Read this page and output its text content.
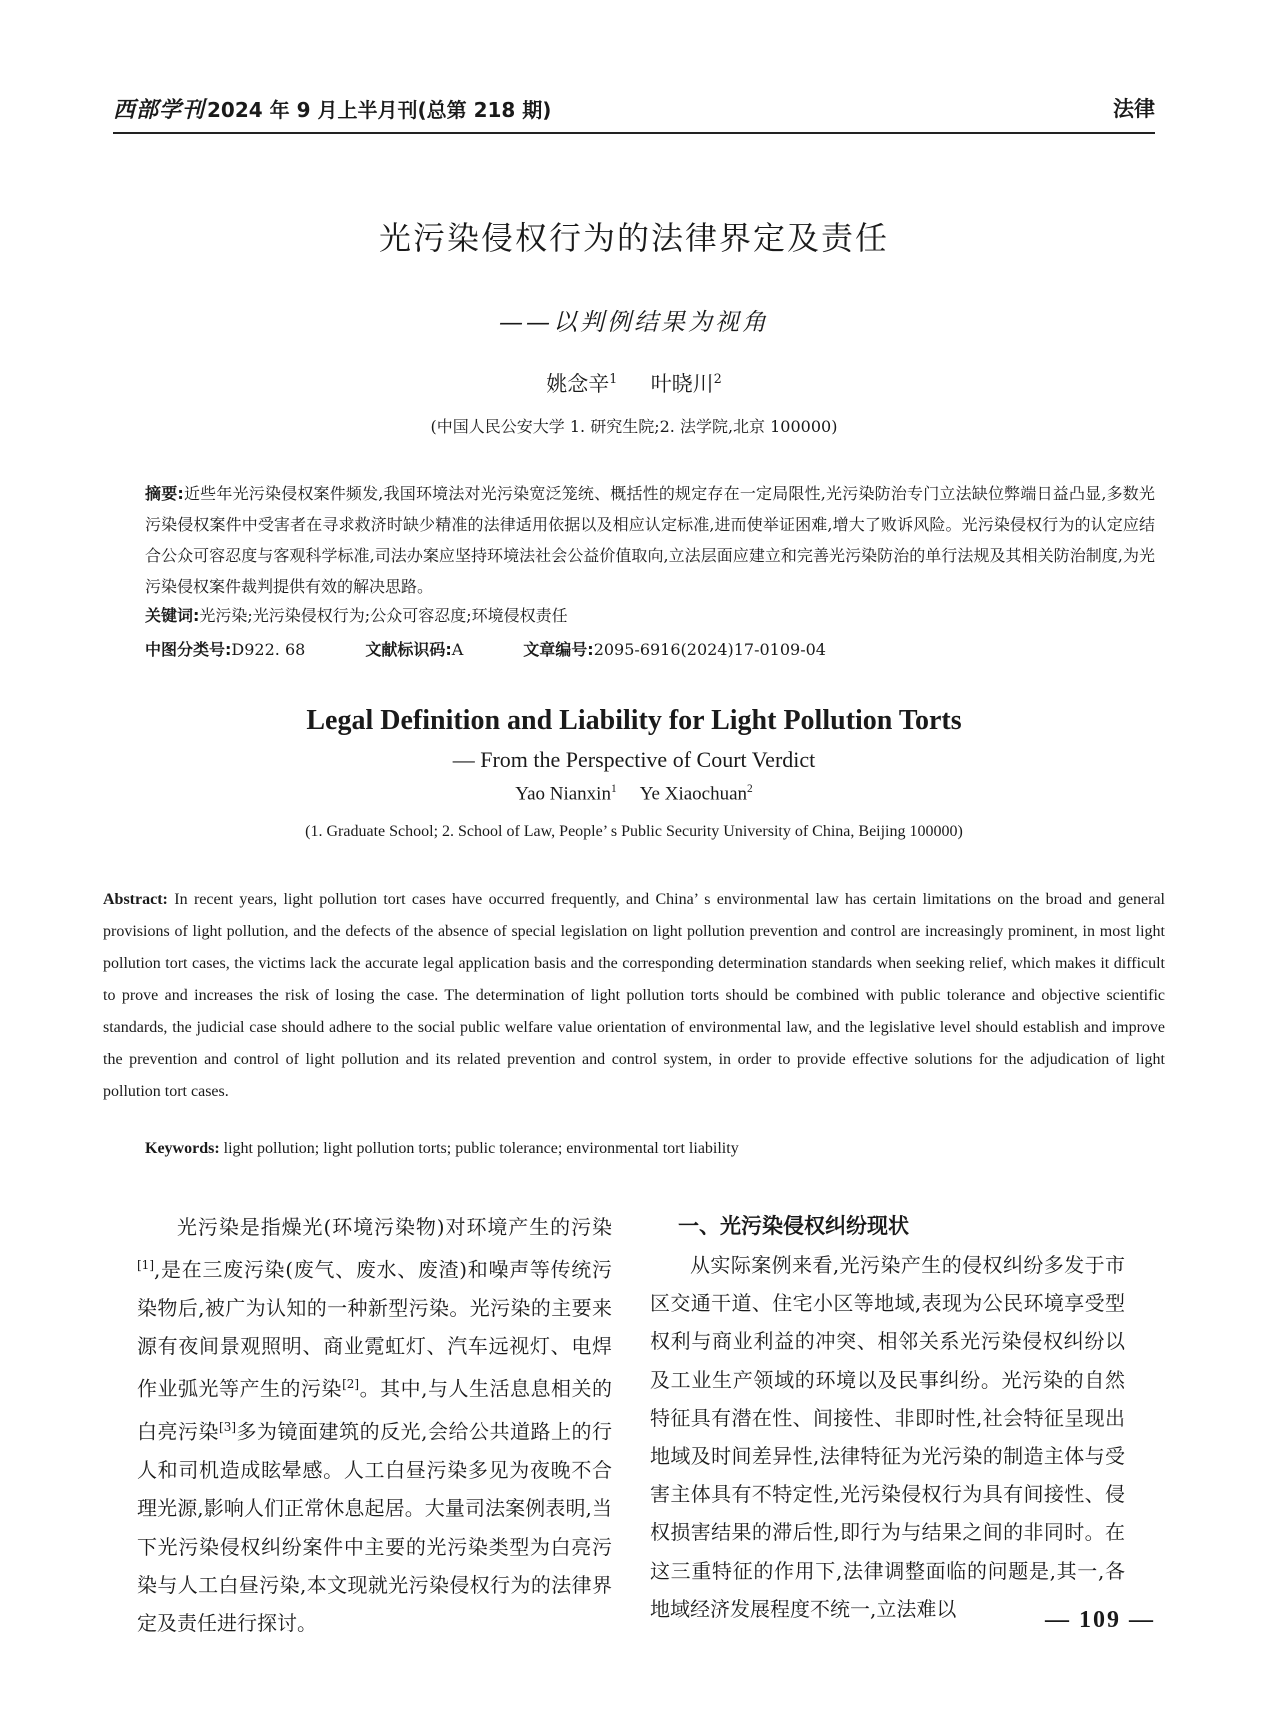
西部学刊 2024 年 9 月上半月刊(总第 218 期)	法律
光污染侵权行为的法律界定及责任
——以判例结果为视角
姚念辛$^1$ 叶晓川$^2$
(中国人民公安大学 1. 研究生院;2. 法学院,北京 100000)
摘要:近些年光污染侵权案件频发,我国环境法对光污染宽泛笼统、概括性的规定存在一定局限性,光污染防治专门立法缺位弊端日益凸显,多数光污染侵权案件中受害者在寻求救济时缺少精准的法律适用依据以及相应认定标准,进而使举证困难,增大了败诉风险。光污染侵权行为的认定应结合公众可容忍度与客观科学标准,司法办案应坚持环境法社会公益价值取向,立法层面应建立和完善光污染防治的单行法规及其相关防治制度,为光污染侵权案件裁判提供有效的解决思路。
关键词:光污染;光污染侵权行为;公众可容忍度;环境侵权责任
中图分类号:D922. 68	文献标识码:A	文章编号:2095-6916(2024)17-0109-04
Legal Definition and Liability for Light Pollution Torts
— From the Perspective of Court Verdict
Yao Nianxin$^1$ Ye Xiaochuan$^2$
(1. Graduate School; 2. School of Law, People’ s Public Security University of China, Beijing 100000)
Abstract: In recent years, light pollution tort cases have occurred frequently, and China’ s environmental law has certain limitations on the broad and general provisions of light pollution, and the defects of the absence of special legislation on light pollution prevention and control are increasingly prominent, in most light pollution tort cases, the victims lack the accurate legal application basis and the corresponding determination standards when seeking relief, which makes it difficult to prove and increases the risk of losing the case. The determination of light pollution torts should be combined with public tolerance and objective scientific standards, the judicial case should adhere to the social public welfare value orientation of environmental law, and the legislative level should establish and improve the prevention and control of light pollution and its related prevention and control system, in order to provide effective solutions for the adjudication of light pollution tort cases.
Keywords: light pollution; light pollution torts; public tolerance; environmental tort liability

光污染是指燥光(环境污染物)对环境产生的污染[1],是在三废污染(废气、废水、废渣)和噪声等传统污染物后,被广为认知的一种新型污染。光污染的主要来源有夜间景观照明、商业霓虹灯、汽车远视灯、电焊作业弧光等产生的污染[2]。其中,与人生活息息相关的白亮污染[3]多为镜面建筑的反光,会给公共道路上的行人和司机造成眩晕感。人工白昼污染多见为夜晚不合理光源,影响人们正常休息起居。大量司法案例表明,当下光污染侵权纠纷案件中主要的光污染类型为白亮污染与人工白昼污染,本文现就光污染侵权行为的法律界定及责任进行探讨。

一、光污染侵权纠纷现状

从实际案例来看,光污染产生的侵权纠纷多发于市区交通干道、住宅小区等地域,表现为公民环境享受型权利与商业利益的冲突、相邻关系光污染侵权纠纷以及工业生产领域的环境以及民事纠纷。光污染的自然特征具有潜在性、间接性、非即时性,社会特征呈现出地域及时间差异性,法律特征为光污染的制造主体与受害主体具有不特定性,光污染侵权行为具有间接性、侵权损害结果的滞后性,即行为与结果之间的非同时。在这三重特征的作用下,法律调整面临的问题是,其一,各地域经济发展程度不统一,立法难以	— 109 —
